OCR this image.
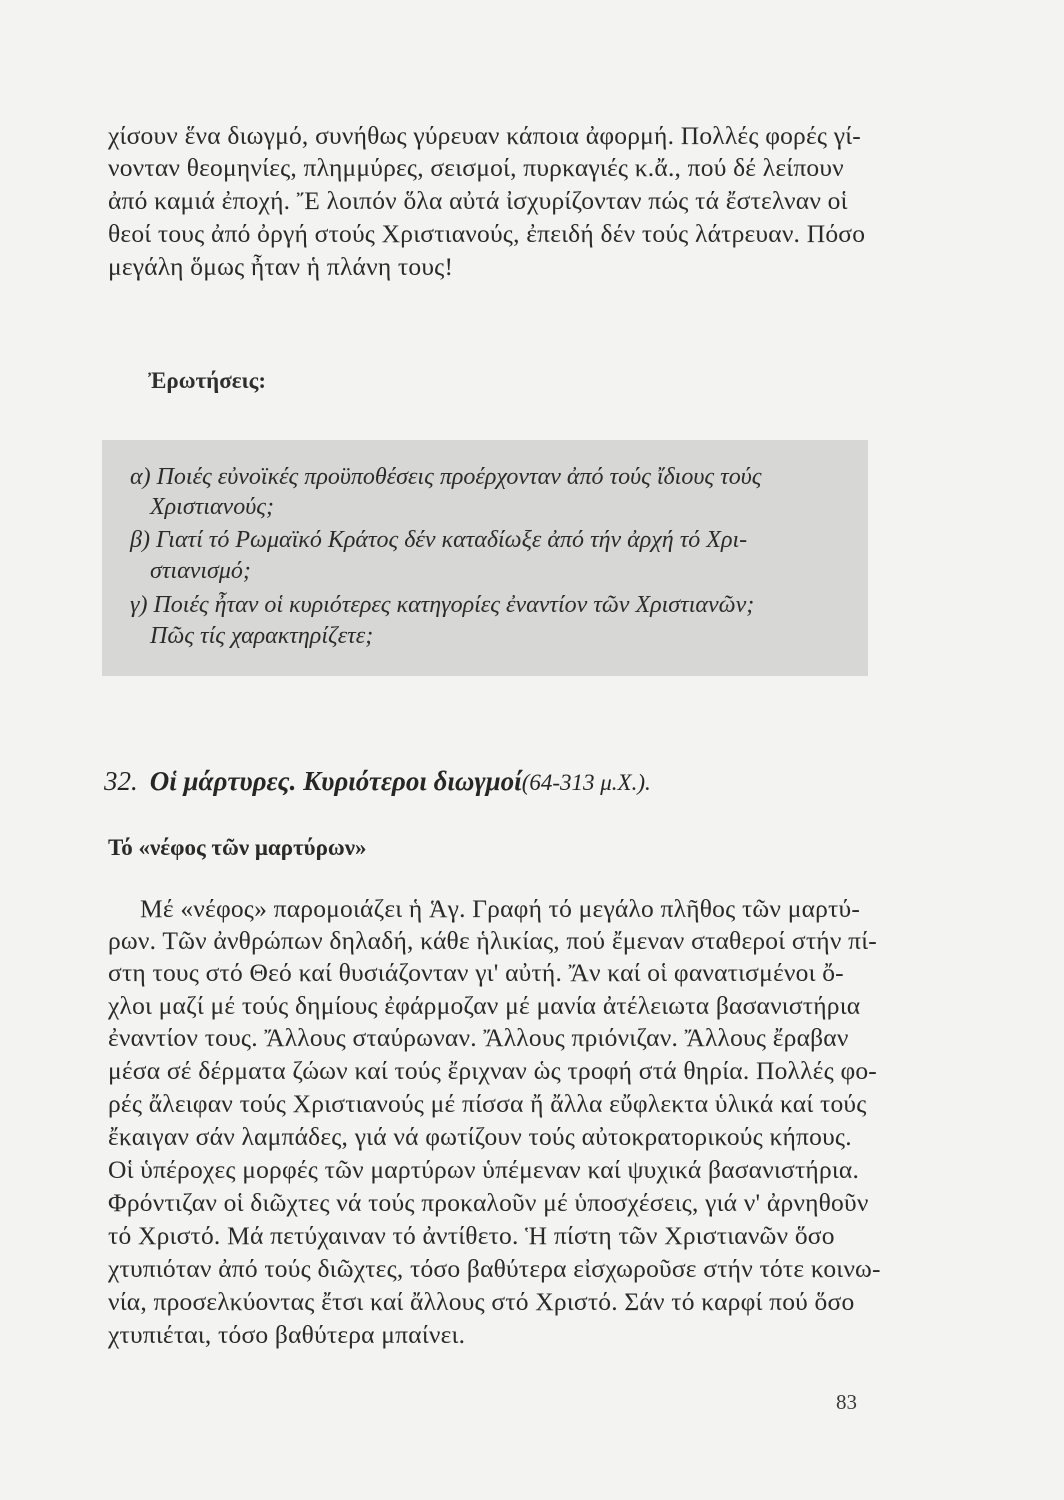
χίσουν ἕνα διωγμό, συνήθως γύρευαν κάποια ἀφορμή. Πολλές φορές γί-
νονταν θεομηνίες, πλημμύρες, σεισμοί, πυρκαγιές κ.ἄ., πού δέ λείπουν
ἀπό καμιά ἐποχή. Ἔ λοιπόν ὅλα αὐτά ἰσχυρίζονταν πώς τά ἔστελναν οἱ
θεοί τους ἀπό ὀργή στούς Χριστιανούς, ἐπειδή δέν τούς λάτρευαν. Πόσο
μεγάλη ὅμως ἦταν ἡ πλάνη τους!
Ἐρωτήσεις:
α) Ποιές εὐνοϊκές προϋποθέσεις προέρχονταν ἀπό τούς ἴδιους τούς
Χριστιανούς;
β) Γιατί τό Ρωμαϊκό Κράτος δέν καταδίωξε ἀπό τήν ἀρχή τό Χρι-
στιανισμό;
γ) Ποιές ἦταν οἱ κυριότερες κατηγορίες ἐναντίον τῶν Χριστιανῶν;
Πῶς τίς χαρακτηρίζετε;
32. Οἱ μάρτυρες. Κυριότεροι διωγμοί(64-313 μ.Χ.).
Τό «νέφος τῶν μαρτύρων»
Μέ «νέφος» παρομοιάζει ἡ Ἁγ. Γραφή τό μεγάλο πλῆθος τῶν μαρτύ-
ρων. Τῶν ἀνθρώπων δηλαδή, κάθε ἡλικίας, πού ἔμεναν σταθεροί στήν πί-
στη τους στό Θεό καί θυσιάζονταν γι' αὐτή. Ἄν καί οἱ φανατισμένοι ὄ-
χλοι μαζί μέ τούς δημίους ἐφάρμοζαν μέ μανία ἀτέλειωτα βασανιστήρια
ἐναντίον τους. Ἄλλους σταύρωναν. Ἄλλους πριόνιζαν. Ἄλλους ἔραβαν
μέσα σέ δέρματα ζώων καί τούς ἔριχναν ὡς τροφή στά θηρία. Πολλές φο-
ρές ἄλειφαν τούς Χριστιανούς μέ πίσσα ἤ ἄλλα εὔφλεκτα ὑλικά καί τούς
ἔκαιγαν σάν λαμπάδες, γιά νά φωτίζουν τούς αὐτοκρατορικούς κήπους.
Οἱ ὑπέροχες μορφές τῶν μαρτύρων ὑπέμεναν καί ψυχικά βασανιστήρια.
Φρόντιζαν οἱ διῶχτες νά τούς προκαλοῦν μέ ὑποσχέσεις, γιά ν' ἀρνηθοῦν
τό Χριστό. Μά πετύχαιναν τό ἀντίθετο. Ἡ πίστη τῶν Χριστιανῶν ὅσο
χτυπιόταν ἀπό τούς διῶχτες, τόσο βαθύτερα εἰσχωροῦσε στήν τότε κοινω-
νία, προσελκύοντας ἔτσι καί ἄλλους στό Χριστό. Σάν τό καρφί πού ὅσο
χτυπιέται, τόσο βαθύτερα μπαίνει.
83
